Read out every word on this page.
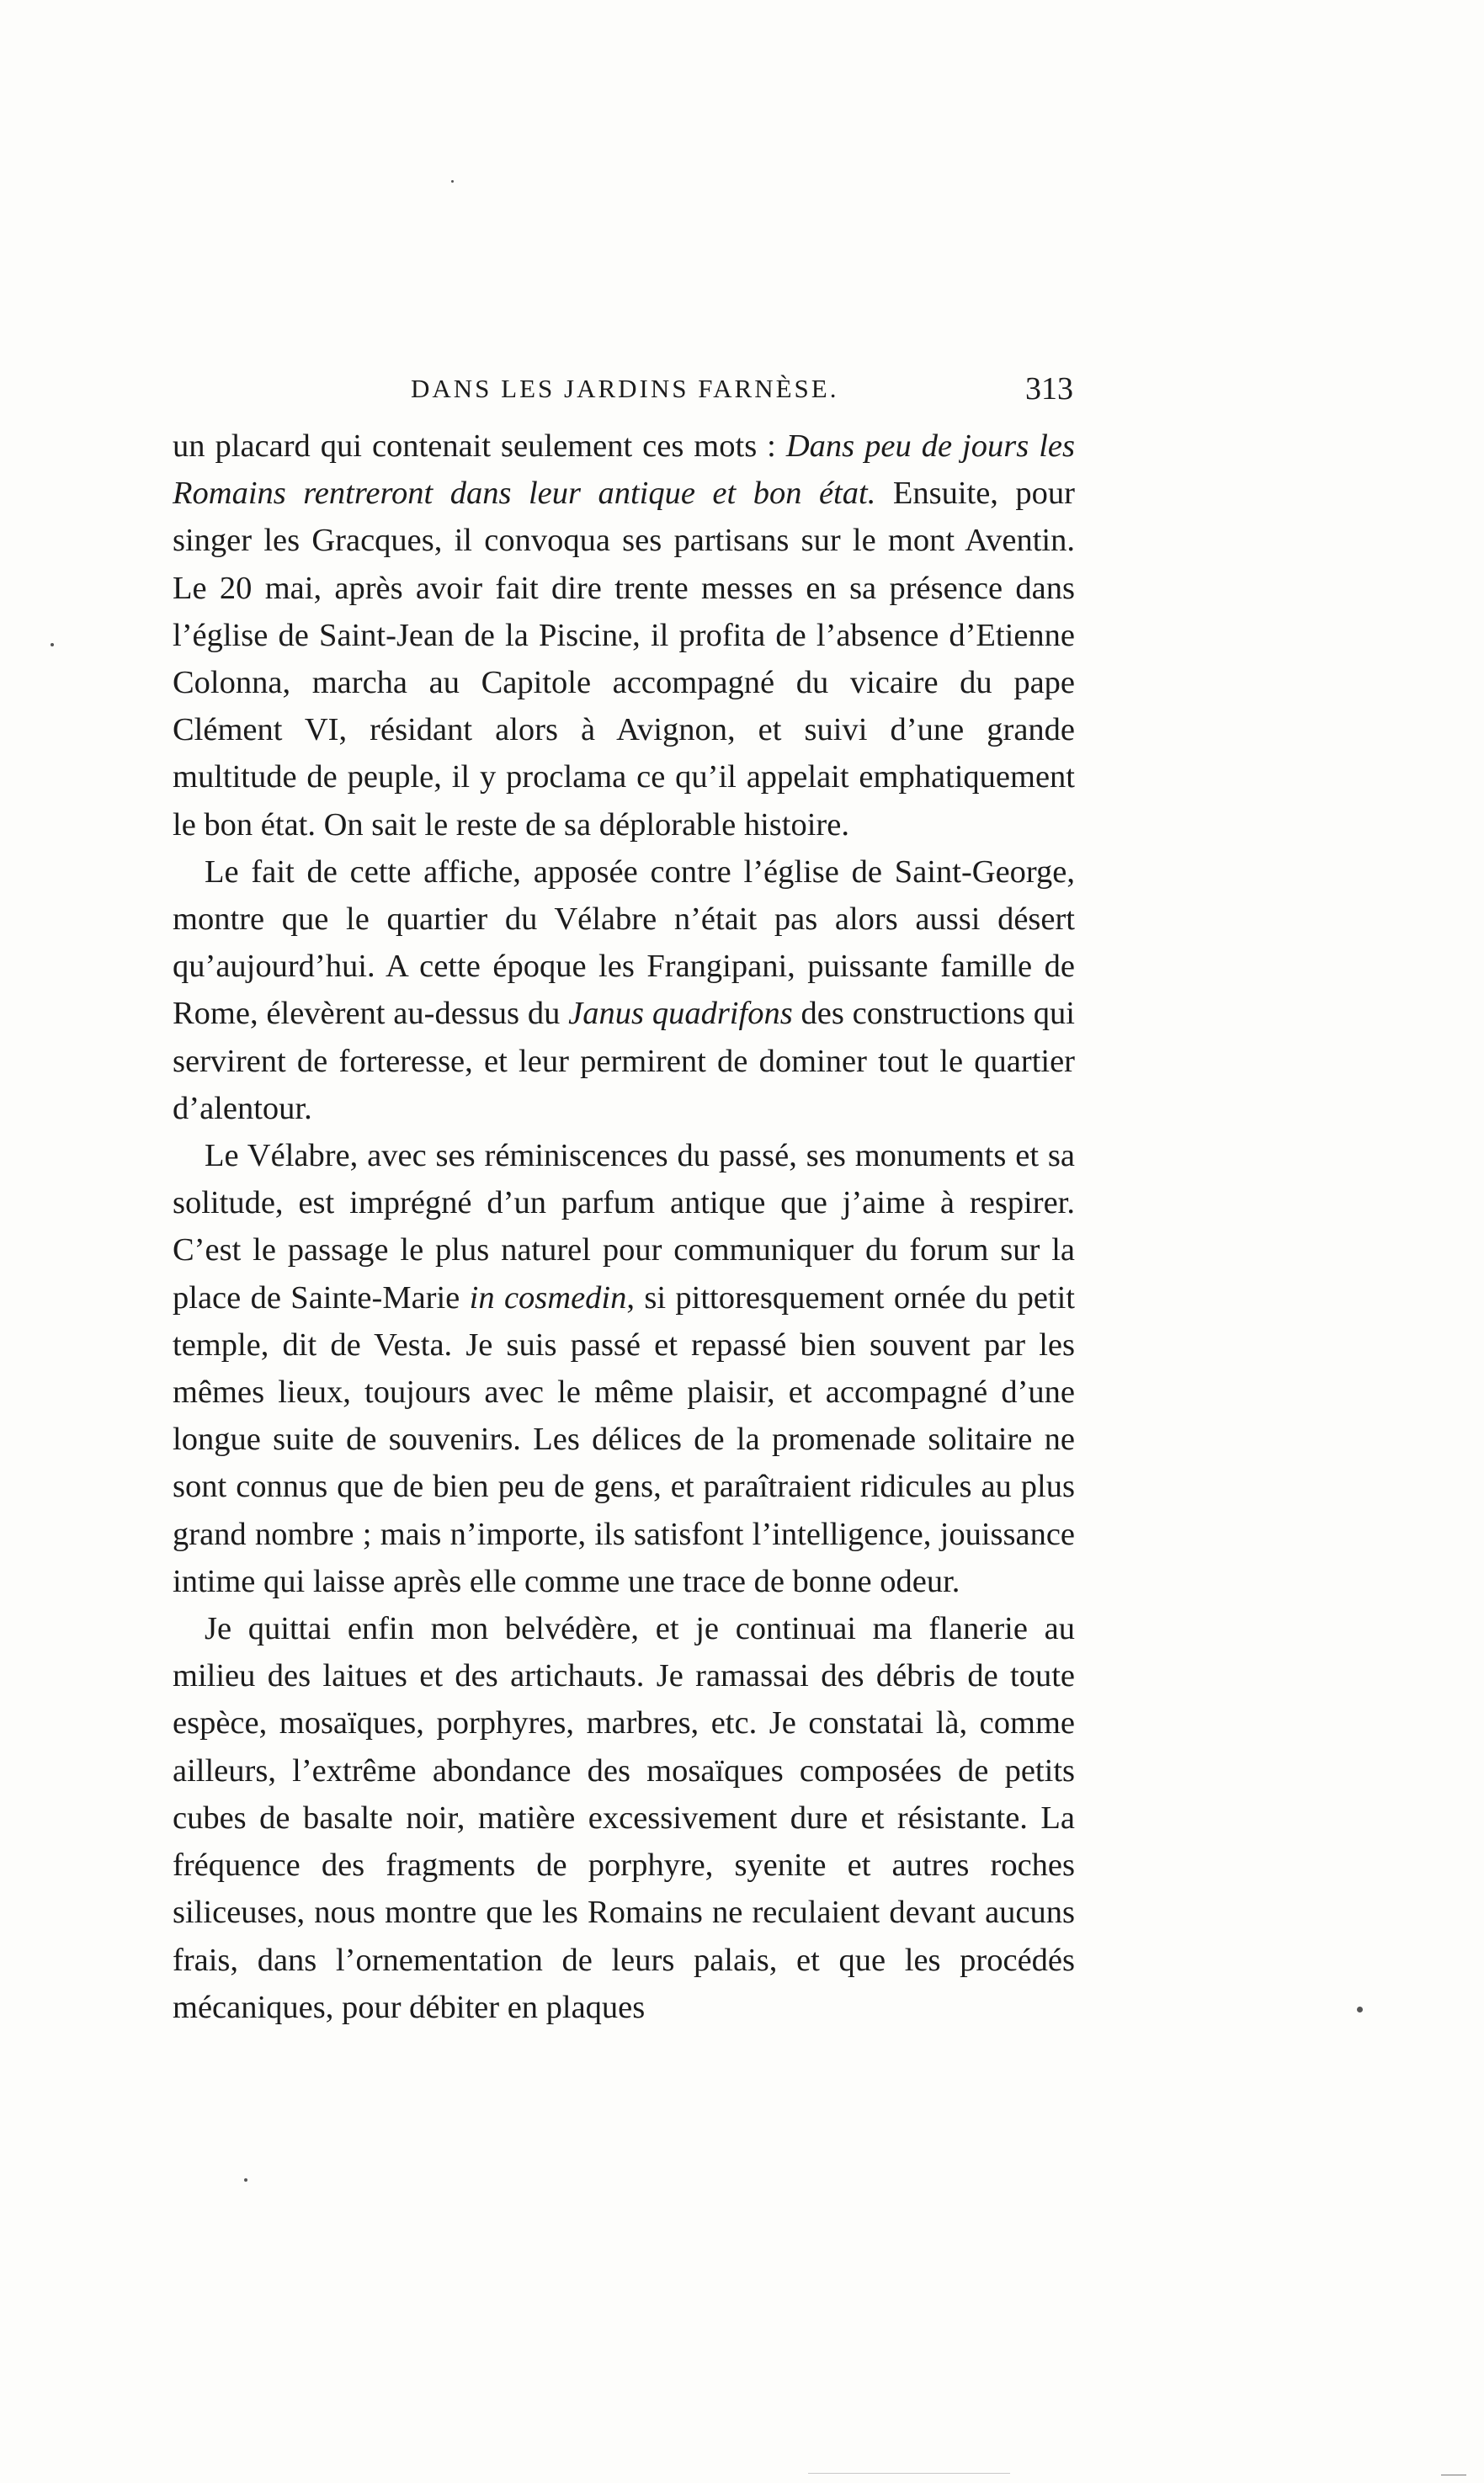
DANS LES JARDINS FARNÈSE.	313

un placard qui contenait seulement ces mots : Dans peu de jours les Romains rentreront dans leur antique et bon état. Ensuite, pour singer les Gracques, il convoqua ses partisans sur le mont Aventin. Le 20 mai, après avoir fait dire trente messes en sa présence dans l’église de Saint-Jean de la Piscine, il profita de l’absence d’Etienne Colonna, marcha au Capitole accompagné du vicaire du pape Clément VI, résidant alors à Avignon, et suivi d’une grande multitude de peuple, il y proclama ce qu’il appelait emphatiquement le bon état. On sait le reste de sa déplorable histoire.

Le fait de cette affiche, apposée contre l’église de Saint-George, montre que le quartier du Vélabre n’était pas alors aussi désert qu’aujourd’hui. A cette époque les Frangipani, puissante famille de Rome, élevèrent au-dessus du Janus quadrifons des constructions qui servirent de forteresse, et leur permirent de dominer tout le quartier d’alentour.

Le Vélabre, avec ses réminiscences du passé, ses monuments et sa solitude, est imprégné d’un parfum antique que j’aime à respirer. C’est le passage le plus naturel pour communiquer du forum sur la place de Sainte-Marie in cosmedin, si pittoresquement ornée du petit temple, dit de Vesta. Je suis passé et repassé bien souvent par les mêmes lieux, toujours avec le même plaisir, et accompagné d’une longue suite de souvenirs. Les délices de la promenade solitaire ne sont connus que de bien peu de gens, et paraîtraient ridicules au plus grand nombre ; mais n’importe, ils satisfont l’intelligence, jouissance intime qui laisse après elle comme une trace de bonne odeur.

Je quittai enfin mon belvédère, et je continuai ma flanerie au milieu des laitues et des artichauts. Je ramassai des débris de toute espèce, mosaïques, porphyres, marbres, etc. Je constatai là, comme ailleurs, l’extrême abondance des mosaïques composées de petits cubes de basalte noir, matière excessivement dure et résistante. La fréquence des fragments de porphyre, syenite et autres roches siliceuses, nous montre que les Romains ne reculaient devant aucuns frais, dans l’ornementation de leurs palais, et que les procédés mécaniques, pour débiter en plaques
